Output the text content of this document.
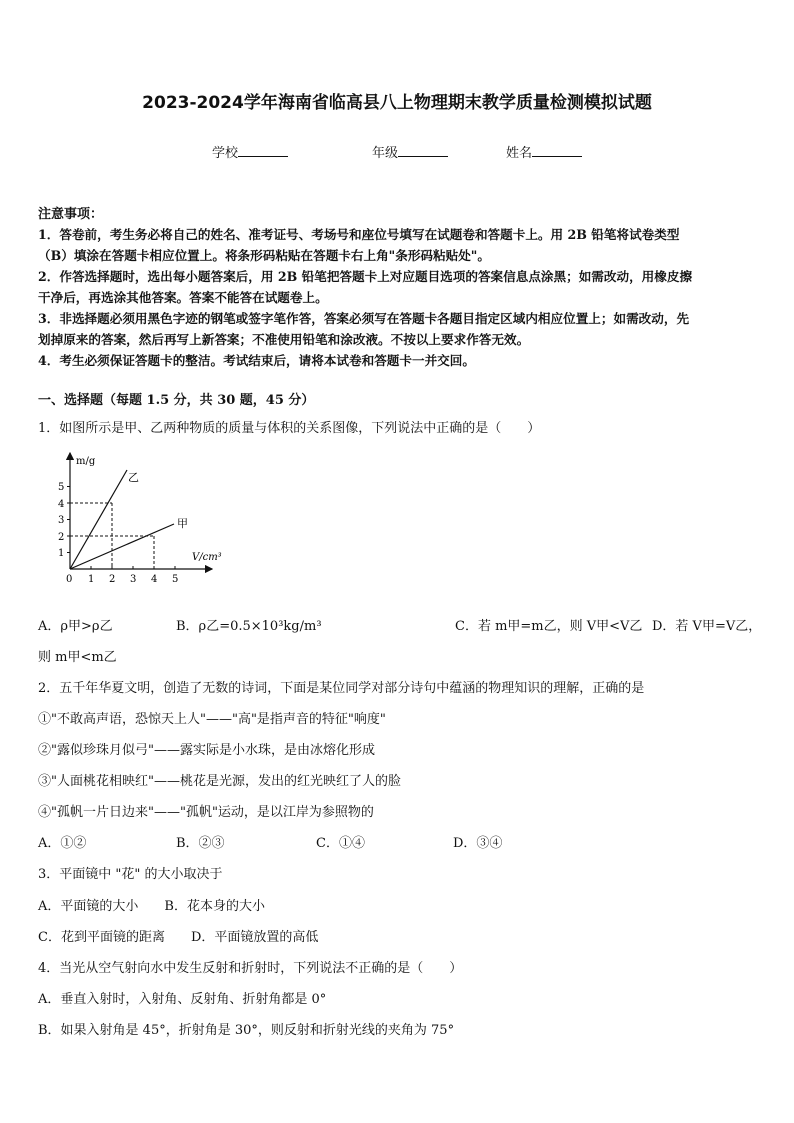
2023-2024学年海南省临高县八上物理期末教学质量检测模拟试题
学校	年级	姓名
注意事项：
1．答卷前，考生务必将自己的姓名、准考证号、考场号和座位号填写在试题卷和答题卡上。用 2B 铅笔将试卷类型
（B）填涂在答题卡相应位置上。将条形码粘贴在答题卡右上角"条形码粘贴处"。
2．作答选择题时，选出每小题答案后，用 2B 铅笔把答题卡上对应题目选项的答案信息点涂黑；如需改动，用橡皮擦
干净后，再选涂其他答案。答案不能答在试题卷上。
3．非选择题必须用黑色字迹的钢笔或签字笔作答，答案必须写在答题卡各题目指定区域内相应位置上；如需改动，先
划掉原来的答案，然后再写上新答案；不准使用铅笔和涂改液。不按以上要求作答无效。
4．考生必须保证答题卡的整洁。考试结束后，请将本试卷和答题卡一并交回。
一、选择题（每题 1.5 分，共 30 题，45 分）
1．如图所示是甲、乙两种物质的质量与体积的关系图像，下列说法中正确的是（　　）
m/g
V/cm³
1
2
3
4
5
0 1 2 3 4 5
乙
甲
A．ρ甲>ρ乙	B．ρ乙=0.5×10³kg/m³	C．若 m甲=m乙，则 V甲<V乙 D．若 V甲=V乙，
则 m甲<m乙
2．五千年华夏文明，创造了无数的诗词，下面是某位同学对部分诗句中蕴涵的物理知识的理解，正确的是
①"不敢高声语，恐惊天上人"——"高"是指声音的特征"响度"
②"露似珍珠月似弓"——露实际是小水珠，是由冰熔化形成
③"人面桃花相映红"——桃花是光源，发出的红光映红了人的脸
④"孤帆一片日边来"——"孤帆"运动，是以江岸为参照物的
A．①②	B．②③	C．①④	D．③④
3．平面镜中 "花" 的大小取决于
A．平面镜的大小　　B．花本身的大小
C．花到平面镜的距离　　D．平面镜放置的高低
4．当光从空气射向水中发生反射和折射时，下列说法不正确的是（　　）
A．垂直入射时，入射角、反射角、折射角都是 0°
B．如果入射角是 45°，折射角是 30°，则反射和折射光线的夹角为 75°
